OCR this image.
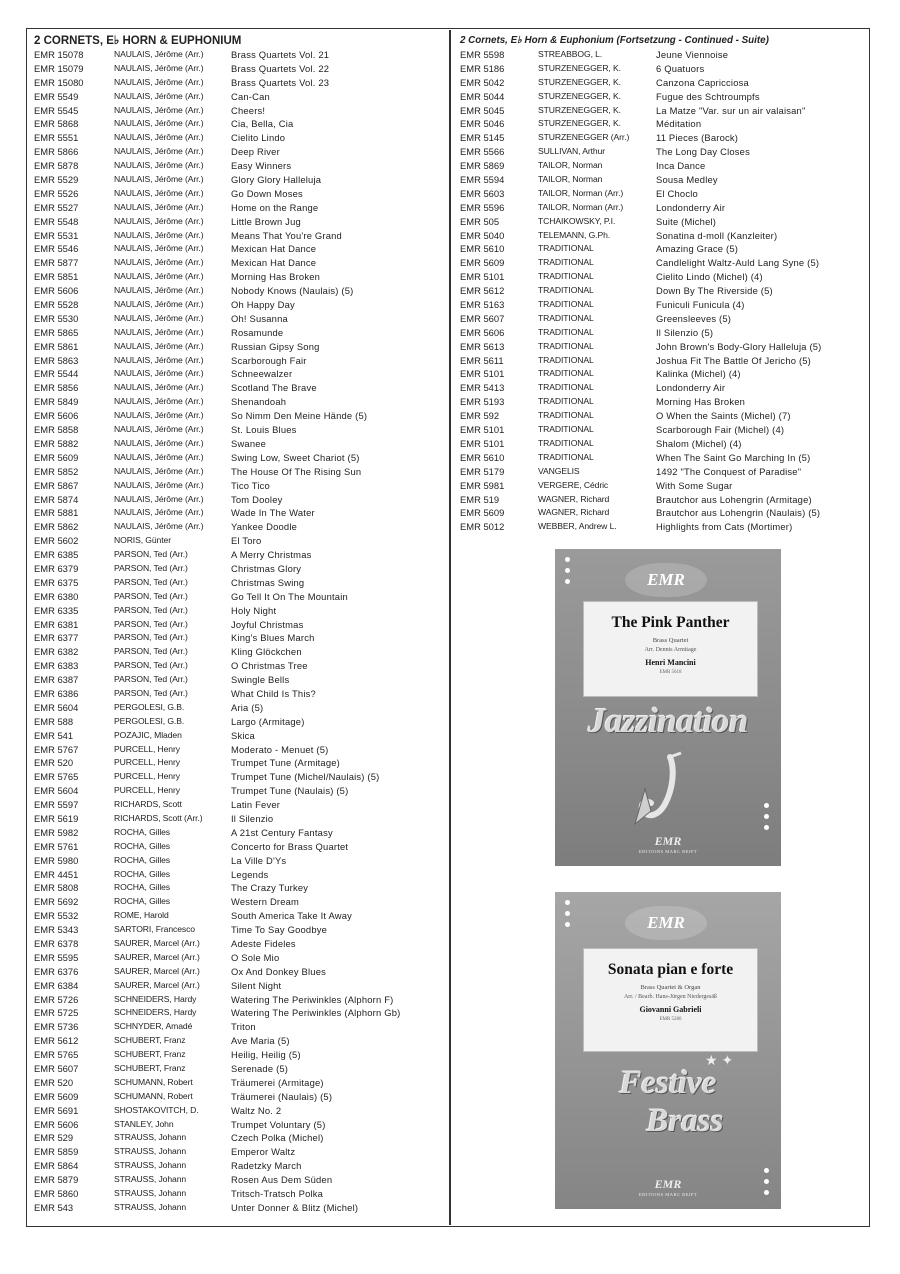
2 CORNETS, E♭ HORN & EUPHONIUM
EMR 15078	NAULAIS, Jérôme (Arr.)	Brass Quartets Vol. 21
EMR 15079	NAULAIS, Jérôme (Arr.)	Brass Quartets Vol. 22
EMR 15080	NAULAIS, Jérôme (Arr.)	Brass Quartets Vol. 23
EMR 5549	NAULAIS, Jérôme (Arr.)	Can-Can
EMR 5545	NAULAIS, Jérôme (Arr.)	Cheers!
EMR 5868	NAULAIS, Jérôme (Arr.)	Cia, Bella, Cia
EMR 5551	NAULAIS, Jérôme (Arr.)	Cielito Lindo
EMR 5866	NAULAIS, Jérôme (Arr.)	Deep River
EMR 5878	NAULAIS, Jérôme (Arr.)	Easy Winners
EMR 5529	NAULAIS, Jérôme (Arr.)	Glory Glory Halleluja
EMR 5526	NAULAIS, Jérôme (Arr.)	Go Down Moses
EMR 5527	NAULAIS, Jérôme (Arr.)	Home on the Range
EMR 5548	NAULAIS, Jérôme (Arr.)	Little Brown Jug
EMR 5531	NAULAIS, Jérôme (Arr.)	Means That You're Grand
EMR 5546	NAULAIS, Jérôme (Arr.)	Mexican Hat Dance
EMR 5877	NAULAIS, Jérôme (Arr.)	Mexican Hat Dance
EMR 5851	NAULAIS, Jérôme (Arr.)	Morning Has Broken
EMR 5606	NAULAIS, Jérôme (Arr.)	Nobody Knows (Naulais) (5)
EMR 5528	NAULAIS, Jérôme (Arr.)	Oh Happy Day
EMR 5530	NAULAIS, Jérôme (Arr.)	Oh! Susanna
EMR 5865	NAULAIS, Jérôme (Arr.)	Rosamunde
EMR 5861	NAULAIS, Jérôme (Arr.)	Russian Gipsy Song
EMR 5863	NAULAIS, Jérôme (Arr.)	Scarborough Fair
EMR 5544	NAULAIS, Jérôme (Arr.)	Schneewalzer
EMR 5856	NAULAIS, Jérôme (Arr.)	Scotland The Brave
EMR 5849	NAULAIS, Jérôme (Arr.)	Shenandoah
EMR 5606	NAULAIS, Jérôme (Arr.)	So Nimm Den Meine Hände (5)
EMR 5858	NAULAIS, Jérôme (Arr.)	St. Louis Blues
EMR 5882	NAULAIS, Jérôme (Arr.)	Swanee
EMR 5609	NAULAIS, Jérôme (Arr.)	Swing Low, Sweet Chariot (5)
EMR 5852	NAULAIS, Jérôme (Arr.)	The House Of The Rising Sun
EMR 5867	NAULAIS, Jérôme (Arr.)	Tico Tico
EMR 5874	NAULAIS, Jérôme (Arr.)	Tom Dooley
EMR 5881	NAULAIS, Jérôme (Arr.)	Wade In The Water
EMR 5862	NAULAIS, Jérôme (Arr.)	Yankee Doodle
EMR 5602	NORIS, Günter	El Toro
EMR 6385	PARSON, Ted (Arr.)	A Merry Christmas
EMR 6379	PARSON, Ted (Arr.)	Christmas Glory
EMR 6375	PARSON, Ted (Arr.)	Christmas Swing
EMR 6380	PARSON, Ted (Arr.)	Go Tell It On The Mountain
EMR 6335	PARSON, Ted (Arr.)	Holy Night
EMR 6381	PARSON, Ted (Arr.)	Joyful Christmas
EMR 6377	PARSON, Ted (Arr.)	King's Blues March
EMR 6382	PARSON, Ted (Arr.)	Kling Glöckchen
EMR 6383	PARSON, Ted (Arr.)	O Christmas Tree
EMR 6387	PARSON, Ted (Arr.)	Swingle Bells
EMR 6386	PARSON, Ted (Arr.)	What Child Is This?
EMR 5604	PERGOLESI, G.B.	Aria (5)
EMR 588	PERGOLESI, G.B.	Largo (Armitage)
EMR 541	POZAJIC, Mladen	Skica
EMR 5767	PURCELL, Henry	Moderato - Menuet (5)
EMR 520	PURCELL, Henry	Trumpet Tune (Armitage)
EMR 5765	PURCELL, Henry	Trumpet Tune (Michel/Naulais) (5)
EMR 5604	PURCELL, Henry	Trumpet Tune (Naulais) (5)
EMR 5597	RICHARDS, Scott	Latin Fever
EMR 5619	RICHARDS, Scott (Arr.)	Il Silenzio
EMR 5982	ROCHA, Gilles	A 21st Century Fantasy
EMR 5761	ROCHA, Gilles	Concerto for Brass Quartet
EMR 5980	ROCHA, Gilles	La Ville D'Ys
EMR 4451	ROCHA, Gilles	Legends
EMR 5808	ROCHA, Gilles	The Crazy Turkey
EMR 5692	ROCHA, Gilles	Western Dream
EMR 5532	ROME, Harold	South America Take It Away
EMR 5343	SARTORI, Francesco	Time To Say Goodbye
EMR 6378	SAURER, Marcel (Arr.)	Adeste Fideles
EMR 5595	SAURER, Marcel (Arr.)	O Sole Mio
EMR 6376	SAURER, Marcel (Arr.)	Ox And Donkey Blues
EMR 6384	SAURER, Marcel (Arr.)	Silent Night
EMR 5726	SCHNEIDERS, Hardy	Watering The Periwinkles (Alphorn F)
EMR 5725	SCHNEIDERS, Hardy	Watering The Periwinkles (Alphorn Gb)
EMR 5736	SCHNYDER, Amadé	Triton
EMR 5612	SCHUBERT, Franz	Ave Maria (5)
EMR 5765	SCHUBERT, Franz	Heilig, Heilig (5)
EMR 5607	SCHUBERT, Franz	Serenade (5)
EMR 520	SCHUMANN, Robert	Träumerei (Armitage)
EMR 5609	SCHUMANN, Robert	Träumerei (Naulais) (5)
EMR 5691	SHOSTAKOVITCH, D.	Waltz No. 2
EMR 5606	STANLEY, John	Trumpet Voluntary (5)
EMR 529	STRAUSS, Johann	Czech Polka (Michel)
EMR 5859	STRAUSS, Johann	Emperor Waltz
EMR 5864	STRAUSS, Johann	Radetzky March
EMR 5879	STRAUSS, Johann	Rosen Aus Dem Süden
EMR 5860	STRAUSS, Johann	Tritsch-Tratsch Polka
EMR 543	STRAUSS, Johann	Unter Donner & Blitz (Michel)
2 Cornets, E♭ Horn & Euphonium (Fortsetzung - Continued - Suite)
EMR 5598	STREABBOG, L.	Jeune Viennoise
EMR 5186	STURZENEGGER, K.	6 Quatuors
EMR 5042	STURZENEGGER, K.	Canzona Capricciosa
EMR 5044	STURZENEGGER, K.	Fugue des Schtroumpfs
EMR 5045	STURZENEGGER, K.	La Matze "Var. sur un air valaisan"
EMR 5046	STURZENEGGER, K.	Méditation
EMR 5145	STURZENEGGER (Arr.)	11 Pieces (Barock)
EMR 5566	SULLIVAN, Arthur	The Long Day Closes
EMR 5869	TAILOR, Norman	Inca Dance
EMR 5594	TAILOR, Norman	Sousa Medley
EMR 5603	TAILOR, Norman (Arr.)	El Choclo
EMR 5596	TAILOR, Norman (Arr.)	Londonderry Air
EMR 505	TCHAIKOWSKY, P.I.	Suite (Michel)
EMR 5040	TELEMANN, G.Ph.	Sonatina d-moll (Kanzleiter)
EMR 5610	TRADITIONAL	Amazing Grace (5)
EMR 5609	TRADITIONAL	Candlelight Waltz-Auld Lang Syne (5)
EMR 5101	TRADITIONAL	Cielito Lindo (Michel) (4)
EMR 5612	TRADITIONAL	Down By The Riverside (5)
EMR 5163	TRADITIONAL	Funiculi Funicula (4)
EMR 5607	TRADITIONAL	Greensleeves (5)
EMR 5606	TRADITIONAL	Il Silenzio (5)
EMR 5613	TRADITIONAL	John Brown's Body-Glory Halleluja (5)
EMR 5611	TRADITIONAL	Joshua Fit The Battle Of Jericho (5)
EMR 5101	TRADITIONAL	Kalinka (Michel) (4)
EMR 5413	TRADITIONAL	Londonderry Air
EMR 5193	TRADITIONAL	Morning Has Broken
EMR 592	TRADITIONAL	O When the Saints (Michel) (7)
EMR 5101	TRADITIONAL	Scarborough Fair (Michel) (4)
EMR 5101	TRADITIONAL	Shalom (Michel) (4)
EMR 5610	TRADITIONAL	When The Saint Go Marching In (5)
EMR 5179	VANGELIS	1492 "The Conquest of Paradise"
EMR 5981	VERGERE, Cédric	With Some Sugar
EMR 519	WAGNER, Richard	Brautchor aus Lohengrin (Armitage)
EMR 5609	WAGNER, Richard	Brautchor aus Lohengrin (Naulais) (5)
EMR 5012	WEBBER, Andrew L.	Highlights from Cats (Mortimer)
EMR
The Pink Panther
Brass Quartet
Arr. Dennis Armitage
Henri Mancini
EMR 5618
Jazzination
EMR
EDITIONS MARC REIFT
EMR
Sonata pian e forte
Brass Quartet & Organ
Arr. / Bearb. Hans-Jürgen Niedergesäß
Giovanni Gabrieli
EMR 5280
★ ✦
Festive
Brass
EMR
EDITIONS MARC REIFT
